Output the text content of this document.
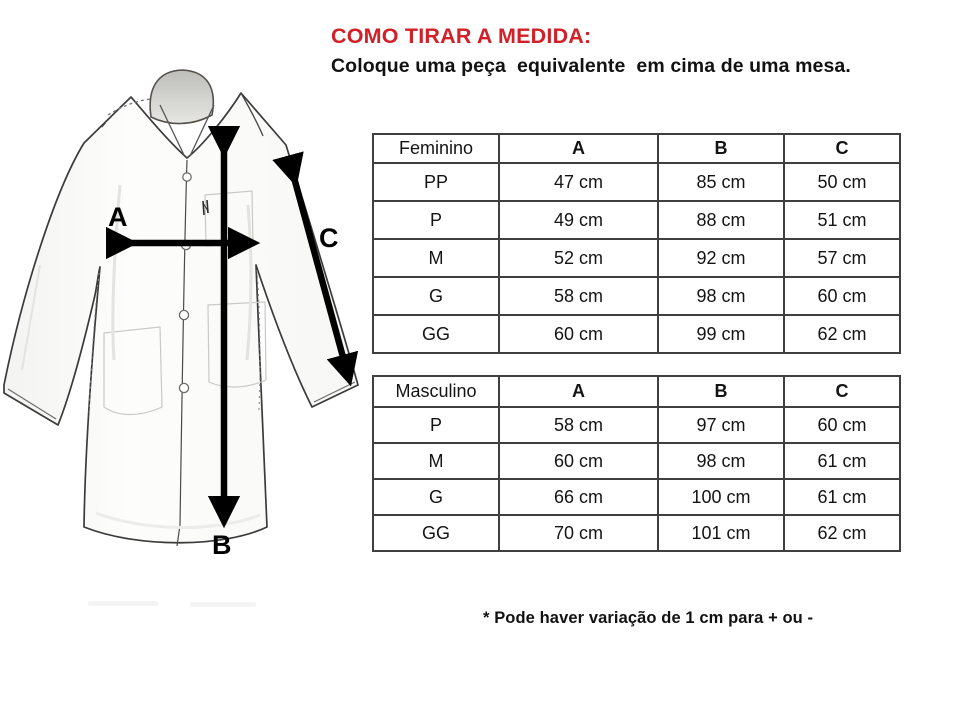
COMO TIRAR A MEDIDA:
Coloque uma peça  equivalente  em cima de uma mesa.
A
B
C
Feminino	A	B	C
PP	47 cm	85 cm	50 cm
P	49 cm	88 cm	51 cm
M	52 cm	92 cm	57 cm
G	58 cm	98 cm	60 cm
GG	60 cm	99 cm	62 cm
Masculino	A	B	C
P	58 cm	97 cm	60 cm
M	60 cm	98 cm	61 cm
G	66 cm	100 cm	61 cm
GG	70 cm	101 cm	62 cm
* Pode haver variação de 1 cm para + ou -
